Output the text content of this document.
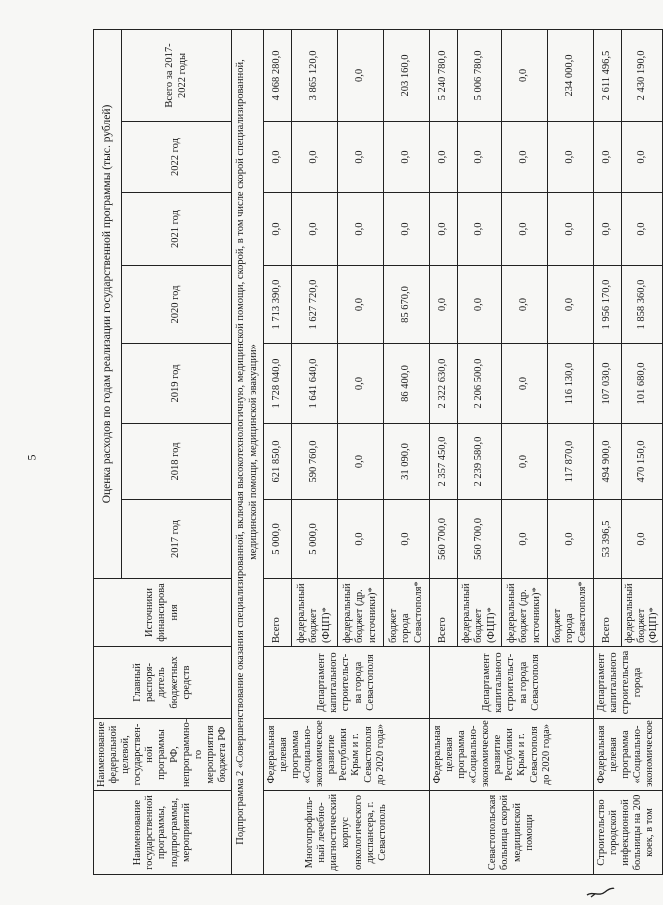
5
Наименование государственной программы, подпрограммы, мероприятий	Наименование федеральной целевой, государствен-ной программы РФ, непрограммно-го мероприятия бюджета РФ	Главный распоря-дитель бюджетных средств	Источники финансирова ния	Оценка расходов по годам реализации государственной программы (тыс. рублей)						
				2017 год	2018 год	2019 год	2020 год	2021 год	2022 год	Всего за 2017-2022 годы
Подпрограмма 2 «Совершенствование оказания специализированной, включая высокотехнологичную, медицинской помощи, скорой, в том числе скорой специализированной, медицинской помощи, медицинской эвакуации»										
Многопрофиль-ный лечебно-диагностический корпус онкологического диспансера, г. Севастополь	Федеральная целевая программа «Социально-экономическое развитие Республики Крым и г. Севастополя до 2020 года»	Департамент капитального строительст-ва города Севастополя	Всего	5 000,0	621 850,0	1 728 040,0	1 713 390,0	0,0	0,0	4 068 280,0
			федеральный бюджет (ФЦП)*	5 000,0	590 760,0	1 641 640,0	1 627 720,0	0,0	0,0	3 865 120,0
			федеральный бюджет (др. источники)*	0,0	0,0	0,0	0,0	0,0	0,0	0,0
			бюджет города Севастополя*	0,0	31 090,0	86 400,0	85 670,0	0,0	0,0	203 160,0
Севастопольская больница скорой медицинской помощи	Федеральная целевая программа «Социально-экономическое развитие Республики Крым и г. Севастополя до 2020 года»	Департамент капитального строительст-ва города Севастополя	Всего	560 700,0	2 357 450,0	2 322 630,0	0,0	0,0	0,0	5 240 780,0
			федеральный бюджет (ФЦП)*	560 700,0	2 239 580,0	2 206 500,0	0,0	0,0	0,0	5 006 780,0
			федеральный бюджет (др. источники)*	0,0	0,0	0,0	0,0	0,0	0,0	0,0
			бюджет города Севастополя*	0,0	117 870,0	116 130,0	0,0	0,0	0,0	234 000,0
Строительство городской инфекционной больницы на 200 коек, в том	Федеральная целевая программа «Социально-экономическое	Департамент капитального строительства города	Всего	53 396,5	494 900,0	107 030,0	1 956 170,0	0,0	0,0	2 611 496,5
			федеральный бюджет (ФЦП)*	0,0	470 150,0	101 680,0	1 858 360,0	0,0	0,0	2 430 190,0
